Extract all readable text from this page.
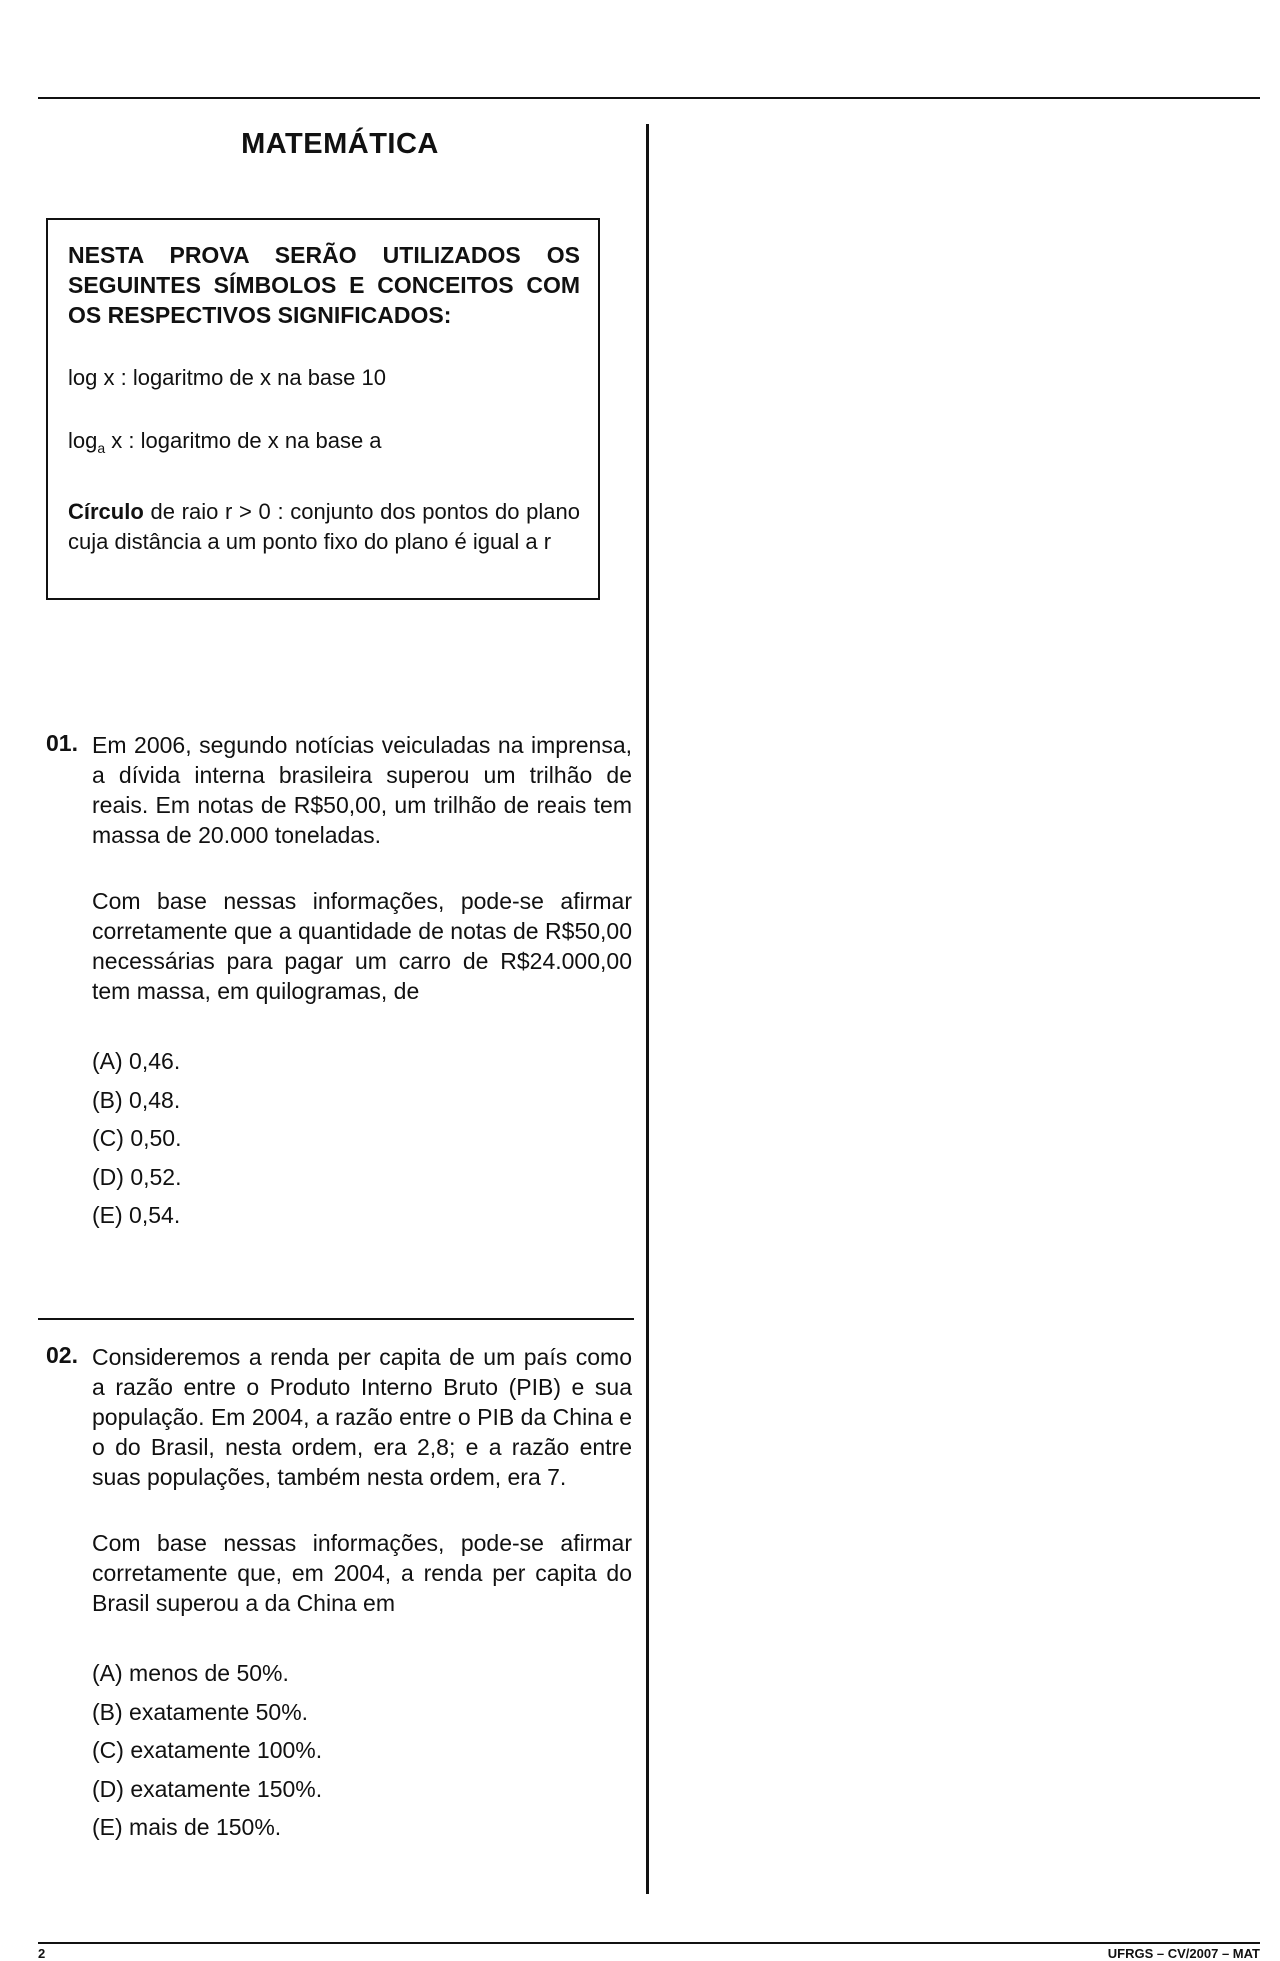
MATEMÁTICA

NESTA PROVA SERÃO UTILIZADOS OS SEGUINTES SÍMBOLOS E CONCEITOS COM OS RESPECTIVOS SIGNIFICADOS:

log x : logaritmo de x na base 10

$\log_a x$ : logaritmo de x na base a

Círculo de raio r > 0 : conjunto dos pontos do plano cuja distância a um ponto fixo do plano é igual a r

01. Em 2006, segundo notícias veiculadas na imprensa, a dívida interna brasileira superou um trilhão de reais. Em notas de R$50,00, um trilhão de reais tem massa de 20.000 toneladas.

Com base nessas informações, pode-se afirmar corretamente que a quantidade de notas de R$50,00 necessárias para pagar um carro de R$24.000,00 tem massa, em quilogramas, de

(A) 0,46.
(B) 0,48.
(C) 0,50.
(D) 0,52.
(E) 0,54.
02. Consideremos a renda per capita de um país como a razão entre o Produto Interno Bruto (PIB) e sua população. Em 2004, a razão entre o PIB da China e o do Brasil, nesta ordem, era 2,8; e a razão entre suas populações, também nesta ordem, era 7.

Com base nessas informações, pode-se afirmar corretamente que, em 2004, a renda per capita do Brasil superou a da China em

(A) menos de 50%.
(B) exatamente 50%.
(C) exatamente 100%.
(D) exatamente 150%.
(E) mais de 150%.
2	UFRGS – CV/2007 – MAT
